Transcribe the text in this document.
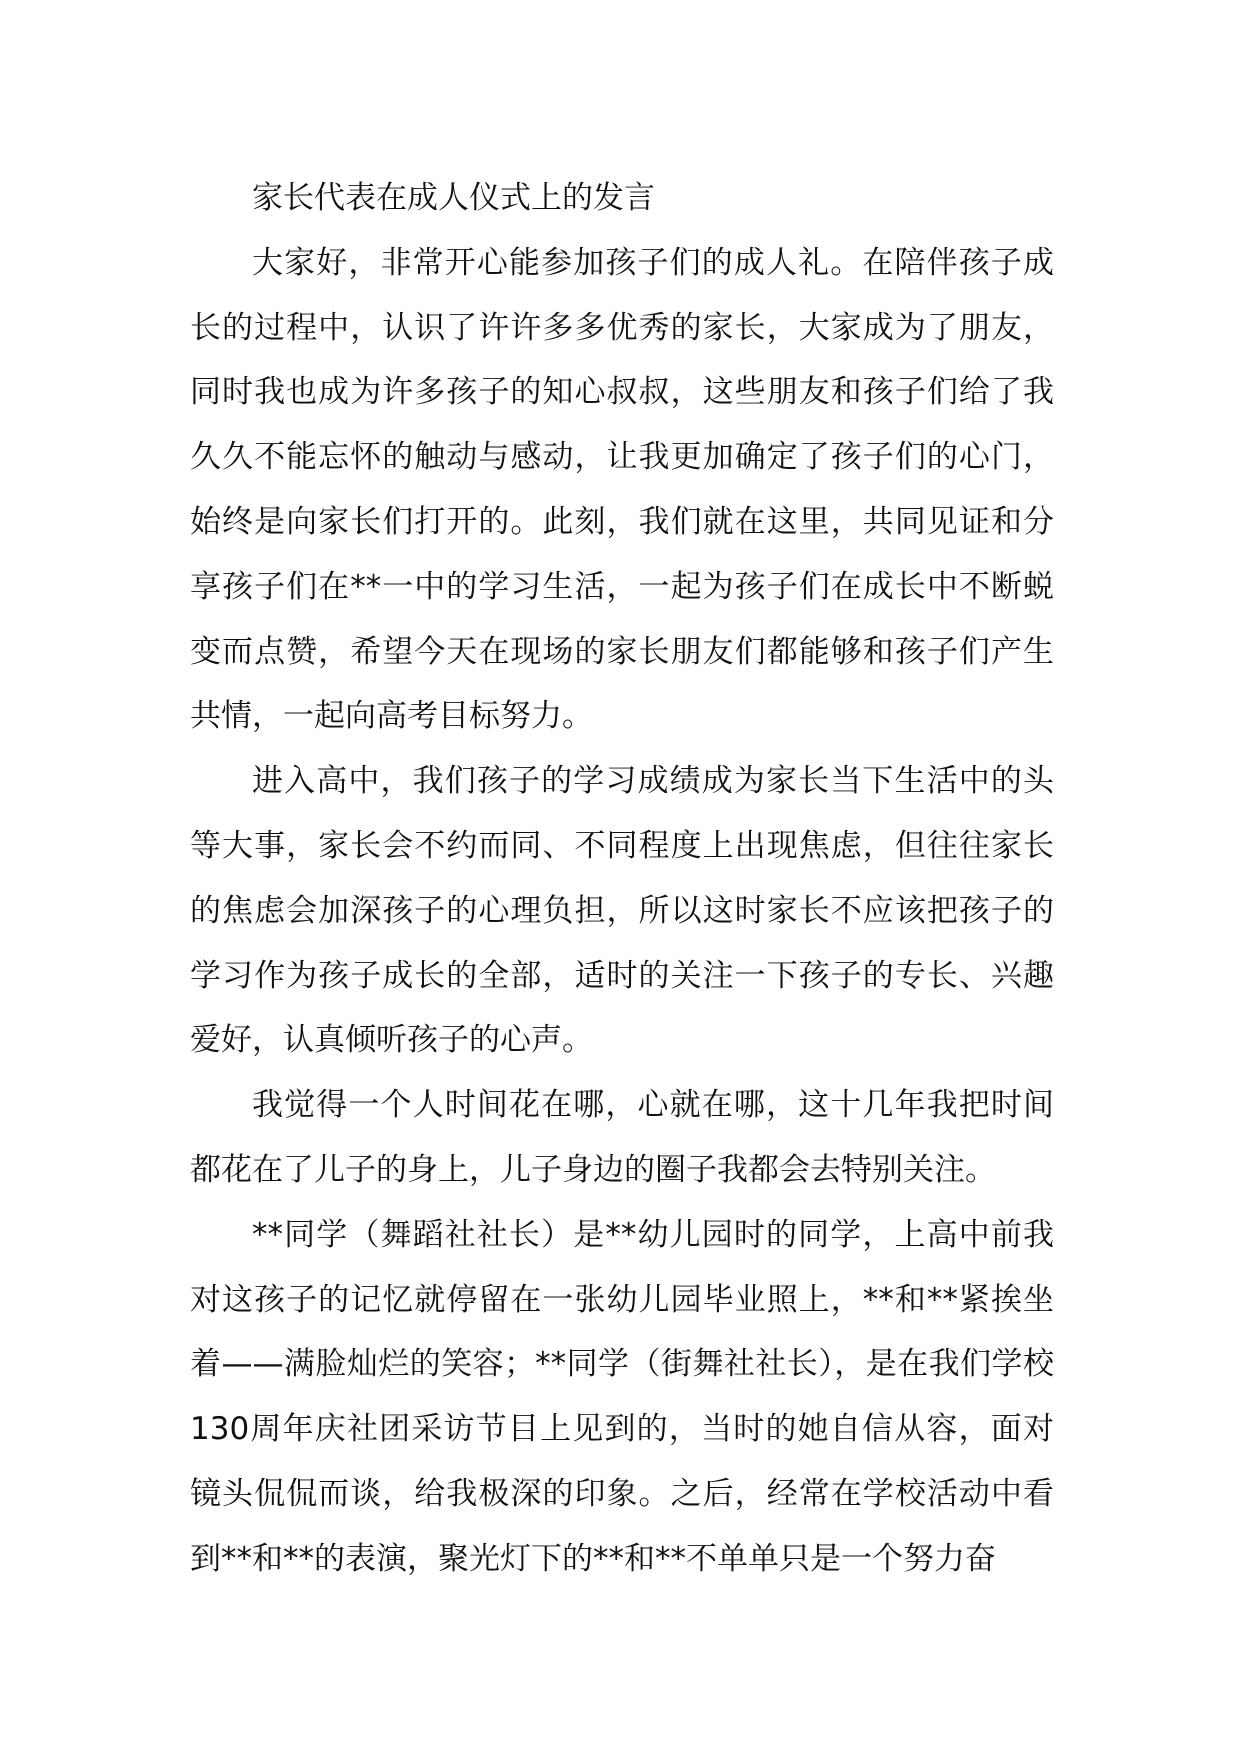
家长代表在成人仪式上的发言

大家好，非常开心能参加孩子们的成人礼。在陪伴孩子成长的过程中，认识了许许多多优秀的家长，大家成为了朋友，同时我也成为许多孩子的知心叔叔，这些朋友和孩子们给了我久久不能忘怀的触动与感动，让我更加确定了孩子们的心门，始终是向家长们打开的。此刻，我们就在这里，共同见证和分享孩子们在**一中的学习生活，一起为孩子们在成长中不断蜕变而点赞，希望今天在现场的家长朋友们都能够和孩子们产生共情，一起向高考目标努力。

进入高中，我们孩子的学习成绩成为家长当下生活中的头等大事，家长会不约而同、不同程度上出现焦虑，但往往家长的焦虑会加深孩子的心理负担，所以这时家长不应该把孩子的学习作为孩子成长的全部，适时的关注一下孩子的专长、兴趣爱好，认真倾听孩子的心声。

我觉得一个人时间花在哪，心就在哪，这十几年我把时间都花在了儿子的身上，儿子身边的圈子我都会去特别关注。

**同学（舞蹈社社长）是**幼儿园时的同学，上高中前我对这孩子的记忆就停留在一张幼儿园毕业照上，**和**紧挨坐着——满脸灿烂的笑容；**同学（街舞社社长），是在我们学校130周年庆社团采访节目上见到的，当时的她自信从容，面对镜头侃侃而谈，给我极深的印象。之后，经常在学校活动中看到**和**的表演，聚光灯下的**和**不单单只是一个努力奋
